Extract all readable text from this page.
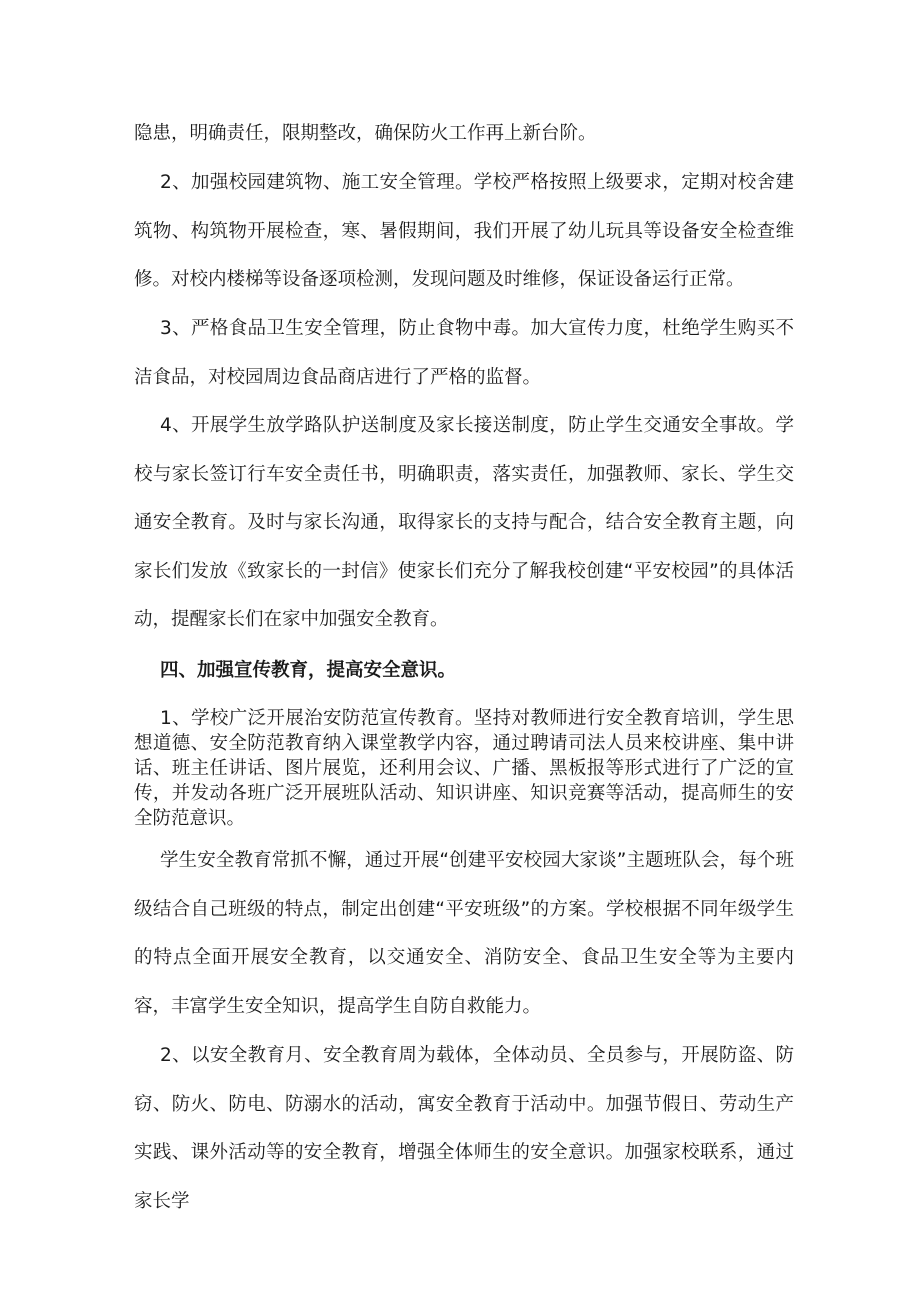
隐患，明确责任，限期整改，确保防火工作再上新台阶。

2、加强校园建筑物、施工安全管理。学校严格按照上级要求，定期对校舍建筑物、构筑物开展检查，寒、暑假期间，我们开展了幼儿玩具等设备安全检查维修。对校内楼梯等设备逐项检测，发现问题及时维修，保证设备运行正常。

3、严格食品卫生安全管理，防止食物中毒。加大宣传力度，杜绝学生购买不洁食品，对校园周边食品商店进行了严格的监督。

4、开展学生放学路队护送制度及家长接送制度，防止学生交通安全事故。学校与家长签订行车安全责任书，明确职责，落实责任，加强教师、家长、学生交通安全教育。及时与家长沟通，取得家长的支持与配合，结合安全教育主题，向家长们发放《致家长的一封信》使家长们充分了解我校创建“平安校园”的具体活动，提醒家长们在家中加强安全教育。

四、加强宣传教育，提高安全意识。

1、学校广泛开展治安防范宣传教育。坚持对教师进行安全教育培训，学生思想道德、安全防范教育纳入课堂教学内容，通过聘请司法人员来校讲座、集中讲话、班主任讲话、图片展览，还利用会议、广播、黑板报等形式进行了广泛的宣传，并发动各班广泛开展班队活动、知识讲座、知识竞赛等活动，提高师生的安全防范意识。

学生安全教育常抓不懈，通过开展“创建平安校园大家谈”主题班队会，每个班级结合自己班级的特点，制定出创建“平安班级”的方案。学校根据不同年级学生的特点全面开展安全教育，以交通安全、消防安全、食品卫生安全等为主要内容，丰富学生安全知识，提高学生自防自救能力。

2、以安全教育月、安全教育周为载体，全体动员、全员参与，开展防盗、防窃、防火、防电、防溺水的活动，寓安全教育于活动中。加强节假日、劳动生产实践、课外活动等的安全教育，增强全体师生的安全意识。加强家校联系，通过家长学
